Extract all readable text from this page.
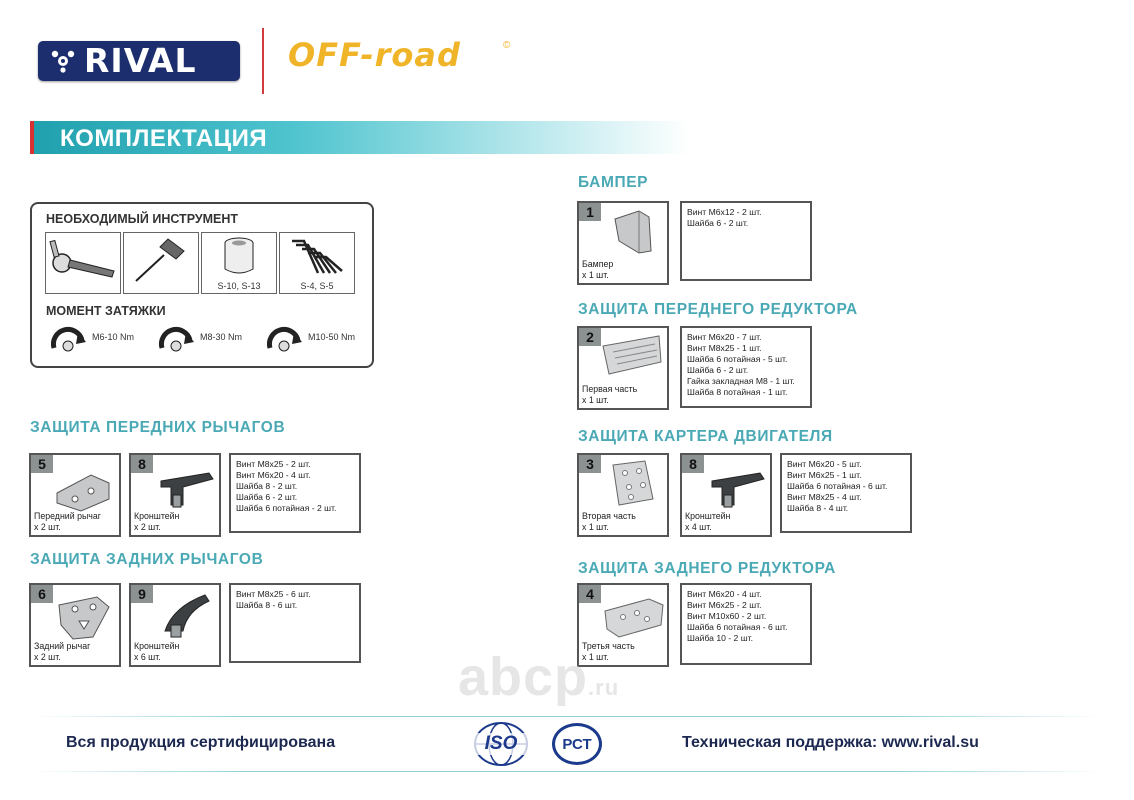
RIVAL	OFF-road	©
КОМПЛЕКТАЦИЯ
НЕОБХОДИМЫЙ ИНСТРУМЕНТ
S-10, S-13	S-4, S-5
МОМЕНТ ЗАТЯЖКИ
M6-10 Nm	M8-30 Nm	M10-50 Nm
ЗАЩИТА ПЕРЕДНИХ РЫЧАГОВ
5
Передний рычаг
x 2 шт.
8
Кронштейн
x 2 шт.
Винт М8х25 - 2 шт.
Винт М6х20 - 4 шт.
Шайба 8 - 2 шт.
Шайба 6 - 2 шт.
Шайба 6 потайная - 2 шт.
ЗАЩИТА ЗАДНИХ РЫЧАГОВ
6
Задний рычаг
x 2 шт.
9
Кронштейн
x 6 шт.
Винт М8х25 - 6 шт.
Шайба 8 - 6 шт.
БАМПЕР
1
Бампер
x 1 шт.
Винт М6х12 - 2 шт.
Шайба 6 - 2 шт.
ЗАЩИТА ПЕРЕДНЕГО РЕДУКТОРА
2
Первая часть
x 1 шт.
Винт М6х20 - 7 шт.
Винт М8х25 - 1 шт.
Шайба 6 потайная - 5 шт.
Шайба 6 - 2 шт.
Гайка закладная М8 - 1 шт.
Шайба 8 потайная - 1 шт.
ЗАЩИТА КАРТЕРА ДВИГАТЕЛЯ
3
Вторая часть
x 1 шт.
8
Кронштейн
x 4 шт.
Винт М6х20 - 5 шт.
Винт М6х25 - 1 шт.
Шайба 6 потайная - 6 шт.
Винт М8х25 - 4 шт.
Шайба 8 - 4 шт.
ЗАЩИТА ЗАДНЕГО РЕДУКТОРА
4
Третья часть
x 1 шт.
Винт М6х20 - 4 шт.
Винт М6х25 - 2 шт.
Винт М10х60 - 2 шт.
Шайба 6 потайная - 6 шт.
Шайба 10 - 2 шт.
abcp.ru
Вся продукция сертифицирована	ISO	РСТ	Техническая поддержка: www.rival.su
